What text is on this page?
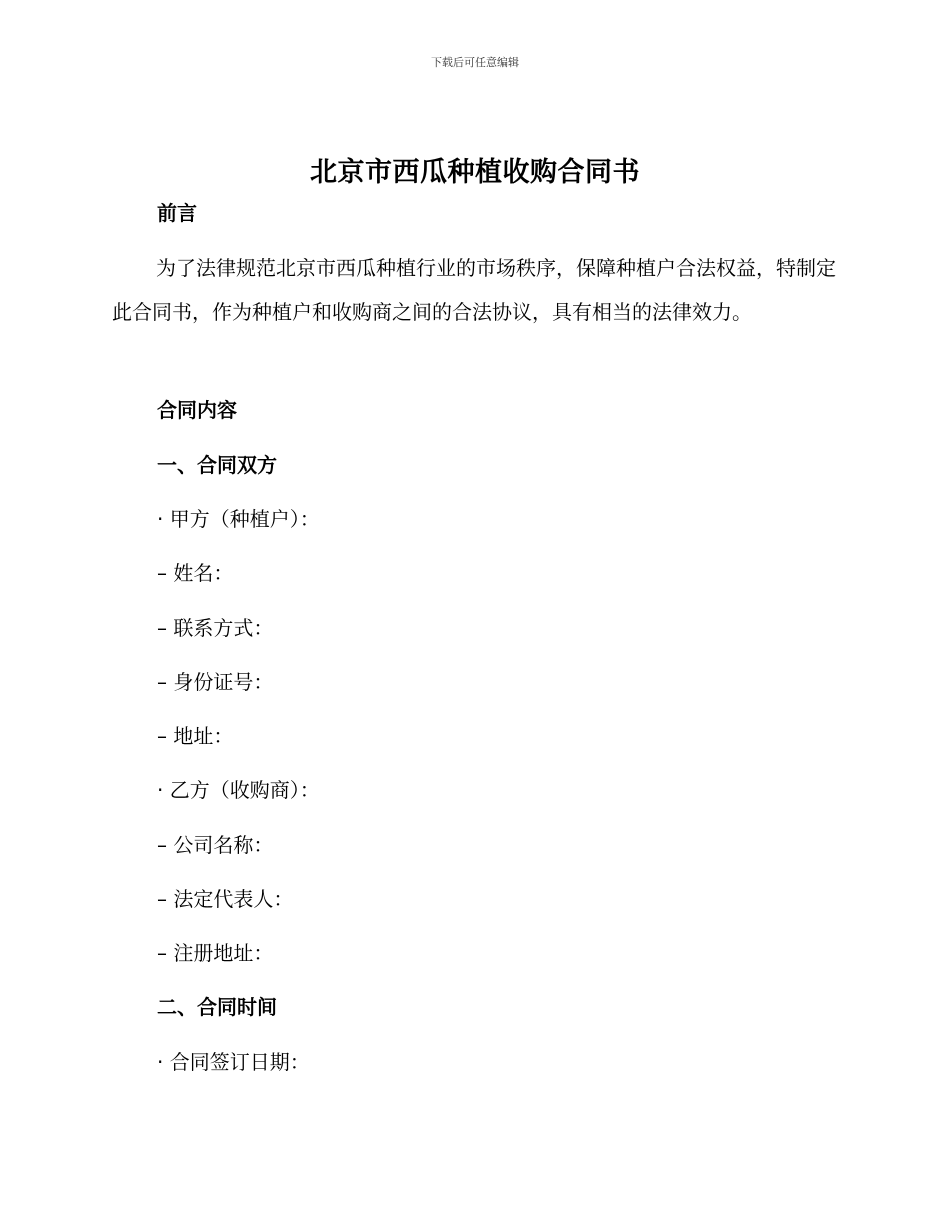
下载后可任意编辑
北京市西瓜种植收购合同书
前言
为了法律规范北京市西瓜种植行业的市场秩序，保障种植户合法权益，特制定此合同书，作为种植户和收购商之间的合法协议，具有相当的法律效力。
合同内容
一、合同双方
· 甲方（种植户）：
– 姓名：
– 联系方式：
– 身份证号：
– 地址：
· 乙方（收购商）：
– 公司名称：
– 法定代表人：
– 注册地址：
二、合同时间
· 合同签订日期：
